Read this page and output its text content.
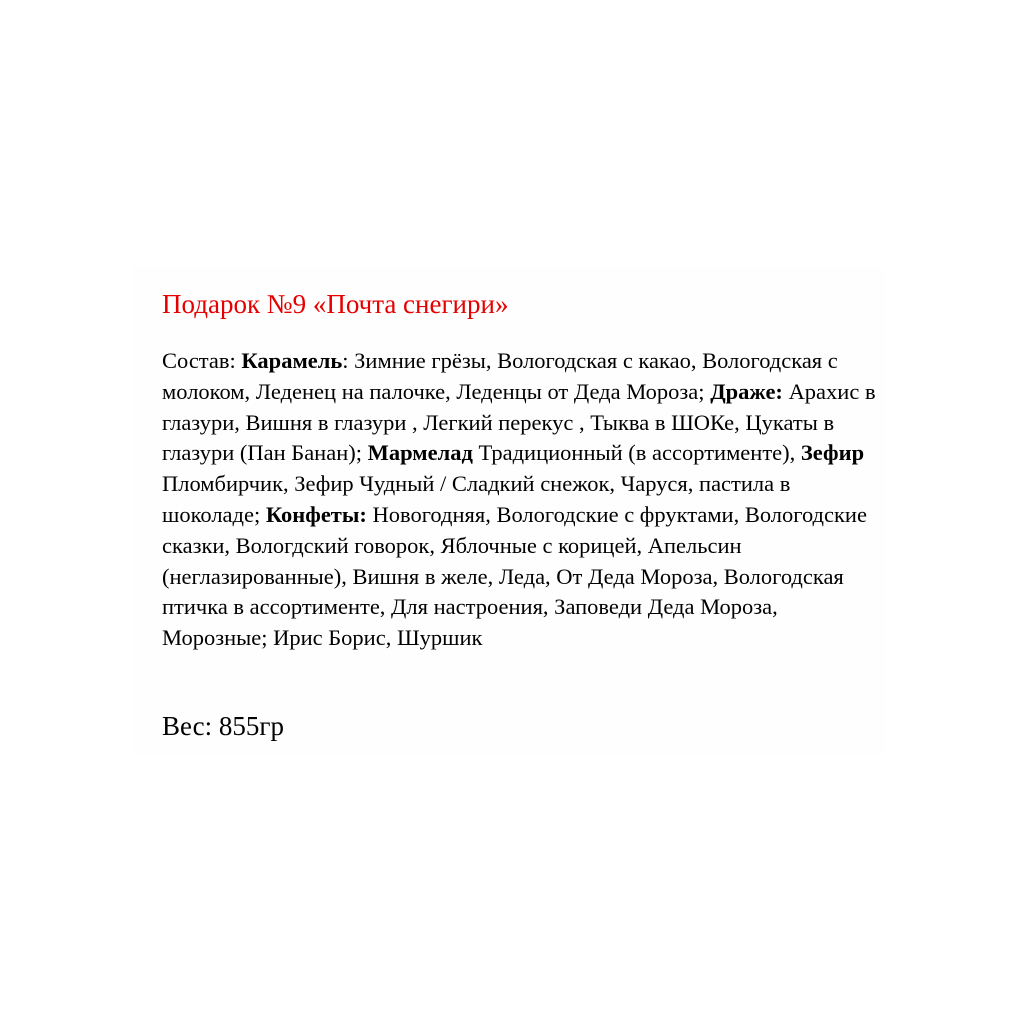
Подарок №9 «Почта снегири»

Состав: Карамель: Зимние грёзы, Вологодская с какао, Вологодская с молоком, Леденец на палочке, Леденцы от Деда Мороза; Драже: Арахис в глазури, Вишня в глазури , Легкий перекус , Тыква в ШОКе, Цукаты в глазури (Пан Банан); Мармелад Традиционный (в ассортименте), Зефир Пломбирчик, Зефир Чудный / Сладкий снежок, Чаруся, пастила в шоколаде; Конфеты: Новогодняя, Вологодские с фруктами, Вологодские сказки, Вологдский говорок, Яблочные с корицей, Апельсин (неглазированные), Вишня в желе, Леда, От Деда Мороза, Вологодская птичка в ассортименте, Для настроения, Заповеди Деда Мороза, Морозные; Ирис Борис, Шуршик

Вес: 855гр
